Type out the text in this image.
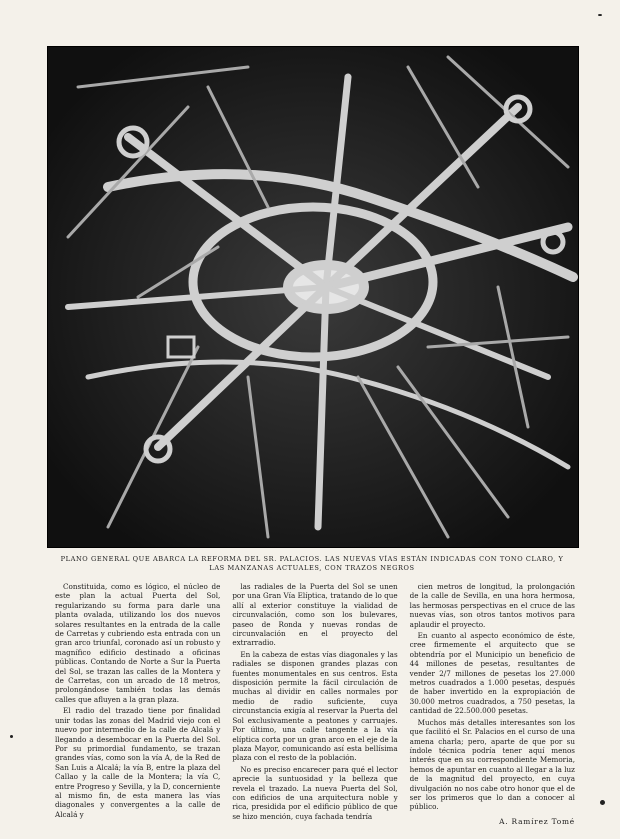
PLANO GENERAL QUE ABARCA LA REFORMA DEL SR. PALACIOS. LAS NUEVAS VÍAS ESTÁN INDICADAS CON TONO CLARO, Y LAS MANZANAS ACTUALES, CON TRAZOS NEGROS

Constituida, como es lógico, el núcleo de este plan la actual Puerta del Sol, regularizando su forma para darle una planta ovalada, utilizando los dos nuevos solares resultantes en la entrada de la calle de Carretas y cubriendo esta entrada con un gran arco triunfal, coronado así un robusto y magnífico edificio destinado a oficinas públicas. Contando de Norte a Sur la Puerta del Sol, se trazan las calles de la Montera y de Carretas, con un arcado de 18 metros, prolongándose también todas las demás calles que afluyen a la gran plaza.

El radio del trazado tiene por finalidad unir todas las zonas del Madrid viejo con el nuevo por intermedio de la calle de Alcalá y llegando a desembocar en la Puerta del Sol. Por su primordial fundamento, se trazan grandes vías, como son la vía A, de la Red de San Luis a Alcalá; la vía B, entre la plaza del Callao y la calle de la Montera; la vía C, entre Progreso y Sevilla, y la D, concerniente al mismo fin, de esta manera las vías diagonales y convergentes a la calle de Alcalá y

las radiales de la Puerta del Sol se unen por una Gran Vía Elíptica, tratando de lo que allí al exterior constituye la vialidad de circunvalación, como son los bulevares, paseo de Ronda y nuevas rondas de circunvalación en el proyecto del extrarradio.

En la cabeza de estas vías diagonales y las radiales se disponen grandes plazas con fuentes monumentales en sus centros. Esta disposición permite la fácil circulación de muchas al dividir en calles normales por medio de radio suficiente, cuya circunstancia exigía al reservar la Puerta del Sol exclusivamente a peatones y carruajes. Por último, una calle tangente a la vía elíptica corta por un gran arco en el eje de la plaza Mayor, comunicando así esta bellísima plaza con el resto de la población.

No es preciso encarecer para qué el lector aprecie la suntuosidad y la belleza que revela el trazado. La nueva Puerta del Sol, con edificios de una arquitectura noble y rica, presidida por el edificio público de que se hizo mención, cuya fachada tendría

cien metros de longitud, la prolongación de la calle de Sevilla, en una hora hermosa, las hermosas perspectivas en el cruce de las nuevas vías, son otros tantos motivos para aplaudir el proyecto.

En cuanto al aspecto económico de éste, cree firmemente el arquitecto que se obtendría por el Municipio un beneficio de 44 millones de pesetas, resultantes de vender 2/7 millones de pesetas los 27.000 metros cuadrados a 1.000 pesetas, después de haber invertido en la expropiación de 30.000 metros cuadrados, a 750 pesetas, la cantidad de 22.500.000 pesetas.

Muchos más detalles interesantes son los que facilitó el Sr. Palacios en el curso de una amena charla; pero, aparte de que por su índole técnica podría tener aquí menos interés que en su correspondiente Memoria, hemos de apuntar en cuanto al llegar a la luz de la magnitud del proyecto, en cuya divulgación no nos cabe otro honor que el de ser los primeros que lo dan a conocer al público.

A. Ramírez Tomé
